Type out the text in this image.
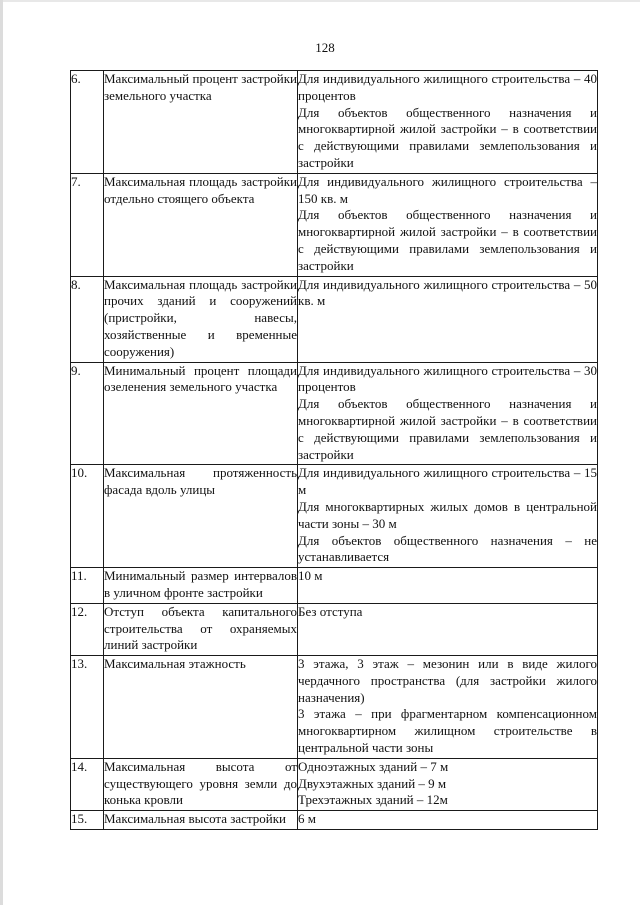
128
6.	Максимальный процент застройки земельного участка	Для индивидуального жилищного строительства – 40 процентов

Для объектов общественного назначения и многоквартирной жилой застройки – в соответствии с действующими правилами землепользования и застройки

7.	Максимальная площадь застройки отдельно стоящего объекта	Для индивидуального жилищного строительства – 150 кв. м

Для объектов общественного назначения и многоквартирной жилой застройки – в соответствии с действующими правилами землепользования и застройки

8.	Максимальная площадь застройки прочих зданий и сооружений (пристройки, навесы, хозяйственные и временные сооружения)	Для индивидуального жилищного строительства – 50 кв. м

9.	Минимальный процент площади озеленения земельного участка	Для индивидуального жилищного строительства – 30 процентов

Для объектов общественного назначения и многоквартирной жилой застройки – в соответствии с действующими правилами землепользования и застройки

10.	Максимальная протяженность фасада вдоль улицы	Для индивидуального жилищного строительства – 15 м

Для многоквартирных жилых домов в центральной части зоны – 30 м

Для объектов общественного назначения – не устанавливается

11.	Минимальный размер интервалов в уличном фронте застройки	10 м

12.	Отступ объекта капитального строительства от охраняемых линий застройки	Без отступа

13.	Максимальная этажность	3 этажа, 3 этаж – мезонин или в виде жилого чердачного пространства (для застройки жилого назначения)

3 этажа – при фрагментарном компенсационном многоквартирном жилищном строительстве в центральной части зоны

14.	Максимальная высота от существующего уровня земли до конька кровли	Одноэтажных зданий – 7 м

Двухэтажных зданий – 9 м

Трехэтажных зданий – 12м

15.	Максимальная высота застройки	6 м
